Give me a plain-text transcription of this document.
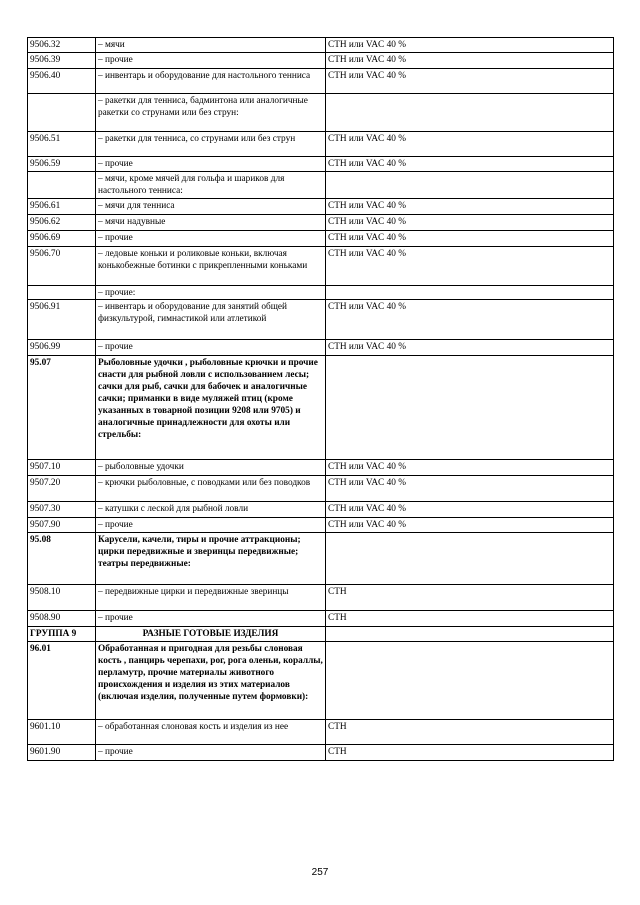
9506.32	– мячи	СТН или VAC 40 %
9506.39	– прочие	СТН или VAC 40 %
9506.40	– инвентарь и оборудование для настольного тенниса	СТН или VAC 40 %
	– ракетки для тенниса, бадминтона или аналогичные ракетки со струнами или без струн:	
9506.51	– ракетки для тенниса, со струнами или без струн	СТН или VAC 40 %
9506.59	– прочие	СТН или VAC 40 %
	– мячи, кроме мячей для гольфа и шариков для настольного тенниса:	
9506.61	– мячи для тенниса	СТН или VAC 40 %
9506.62	– мячи надувные	СТН или VAC 40 %
9506.69	– прочие	СТН или VAC 40 %
9506.70	– ледовые коньки и роликовые коньки, включая конькобежные ботинки с прикрепленными коньками	СТН или VAC 40 %
	– прочие:	
9506.91	– инвентарь и оборудование для занятий общей физкультурой, гимнастикой или атлетикой	СТН или VAC 40 %
9506.99	– прочие	СТН или VAC 40 %
95.07	Рыболовные удочки , рыболовные крючки и прочие снасти для рыбной ловли с использованием лесы; сачки для рыб, сачки для бабочек и аналогичные сачки; приманки в виде муляжей птиц (кроме указанных в товарной позиции 9208 или 9705) и аналогичные принадлежности для охоты или стрельбы:	
9507.10	– рыболовные удочки	СТН или VAC 40 %
9507.20	– крючки рыболовные, с поводками или без поводков	СТН или VAC 40 %
9507.30	– катушки с леской для рыбной ловли	СТН или VAC 40 %
9507.90	– прочие	СТН или VAC 40 %
95.08	Карусели, качели, тиры и прочие аттракционы; цирки передвижные и зверинцы передвижные; театры передвижные:	
9508.10	– передвижные цирки и передвижные зверинцы	СТН
9508.90	– прочие	СТН
ГРУППА 9	РАЗНЫЕ ГОТОВЫЕ ИЗДЕЛИЯ	
96.01	Обработанная и пригодная для резьбы слоновая кость , панцирь черепахи, рог, рога оленьи, кораллы, перламутр, прочие материалы животного происхождения и изделия из этих материалов (включая изделия, полученные путем формовки):	
9601.10	– обработанная слоновая кость и изделия из нее	СТН
9601.90	– прочие	СТН
257
